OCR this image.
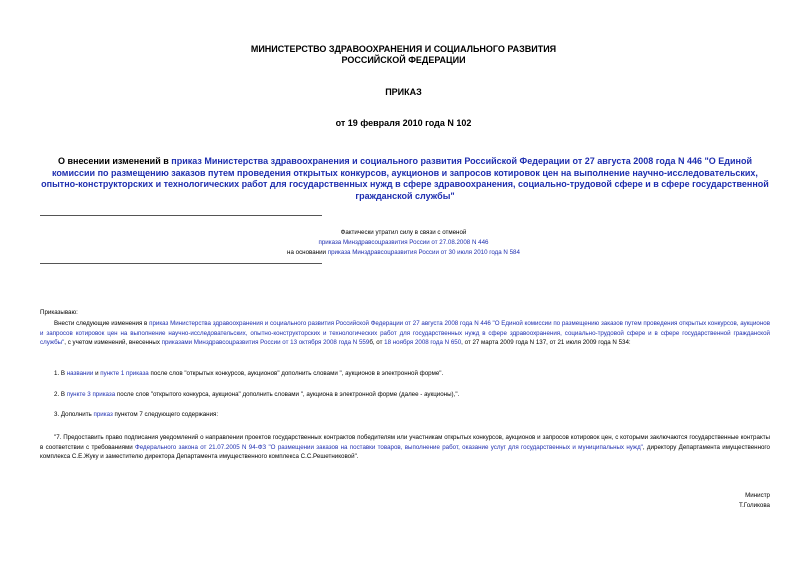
МИНИСТЕРСТВО ЗДРАВООХРАНЕНИЯ И СОЦИАЛЬНОГО РАЗВИТИЯ
РОССИЙСКОЙ ФЕДЕРАЦИИ
ПРИКАЗ
от 19 февраля 2010 года N 102
О внесении изменений в приказ Министерства здравоохранения и социального развития Российской Федерации от 27 августа 2008 года N 446 "О Единой комиссии по размещению заказов путем проведения открытых конкурсов, аукционов и запросов котировок цен на выполнение научно-исследовательских, опытно-конструкторских и технологических работ для государственных нужд в сфере здравоохранения, социально-трудовой сфере и в сфере государственной гражданской службы"
Фактически утратил силу в связи с отменой
приказа Минздравсоцразвития России от 27.08.2008 N 446
на основании приказа Минздравсоцразвития России от 30 июля 2010 года N 584
Приказываю:
Внести следующие изменения в приказ Министерства здравоохранения и социального развития Российской Федерации от 27 августа 2008 года N 446 "О Единой комиссии по размещению заказов путем проведения открытых конкурсов, аукционов и запросов котировок цен на выполнение научно-исследовательских, опытно-конструкторских и технологических работ для государственных нужд в сфере здравоохранения, социально-трудовой сфере и в сфере государственной гражданской службы", с учетом изменений, внесенных приказами Минздравсоцразвития России от 13 октября 2008 года N 559б, от 18 ноября 2008 года N 650, от 27 марта 2009 года N 137, от 21 июля 2009 года N 534:
1. В названии и пункте 1 приказа после слов "открытых конкурсов, аукционов" дополнить словами ", аукционов в электронной форме".
2. В пункте 3 приказа после слов "открытого конкурса, аукциона" дополнить словами ", аукциона в электронной форме (далее - аукционы),".
3. Дополнить приказ пунктом 7 следующего содержания:
"7. Предоставить право подписания уведомлений о направлении проектов государственных контрактов победителям или участникам открытых конкурсов, аукционов и запросов котировок цен, с которыми заключаются государственные контракты в соответствии с требованиями Федерального закона от 21.07.2005 N 94-ФЗ "О размещении заказов на поставки товаров, выполнение работ, оказание услуг для государственных и муниципальных нужд", директору Департамента имущественного комплекса С.Е.Жуку и заместителю директора Департамента имущественного комплекса С.С.Решетниковой".
Министр
Т.Голикова
